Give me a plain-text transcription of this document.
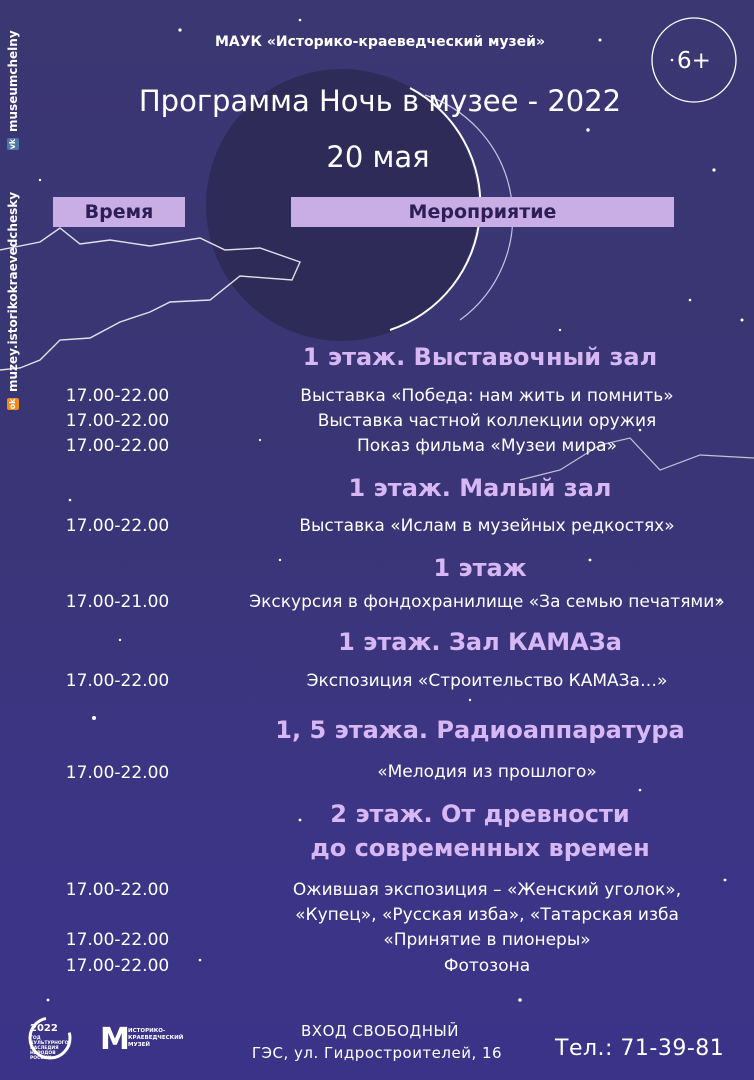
vk
museumchelny
ok
muzey.istorikokraevedchesky
МАУК «Историко-краеведческий музей»
Программа Ночь в музее - 2022
20 мая
6+
Время	Мероприятие
1 этаж. Выставочный зал
17.00-22.00	Выставка «Победа: нам жить и помнить»
17.00-22.00	Выставка частной коллекции оружия
17.00-22.00	Показ фильма «Музеи мира»
1 этаж. Малый зал
17.00-22.00	Выставка «Ислам в музейных редкостях»
1 этаж
17.00-21.00	Экскурсия в фондохранилище «За семью печатями»
1 этаж. Зал КАМАЗа
17.00-22.00	Экспозиция «Строительство КАМАЗа…»
1, 5 этажа. Радиоаппаратура
17.00-22.00	«Мелодия из прошлого»
2 этаж. От древности
до современных времен
17.00-22.00	Ожившая экспозиция – «Женский уголок»,
«Купец», «Русская изба», «Татарская изба
17.00-22.00	«Принятие в пионеры»
17.00-22.00	Фотозона
2022
ГОД КУЛЬТУРНОГО НАСЛЕДИЯ НАРОДОВ РОССИИ
M
ИСТОРИКО- КРАЕВЕДЧЕСКИЙ МУЗЕЙ
ВХОД СВОБОДНЫЙ
ГЭС, ул. Гидростроителей, 16	Тел.: 71-39-81
